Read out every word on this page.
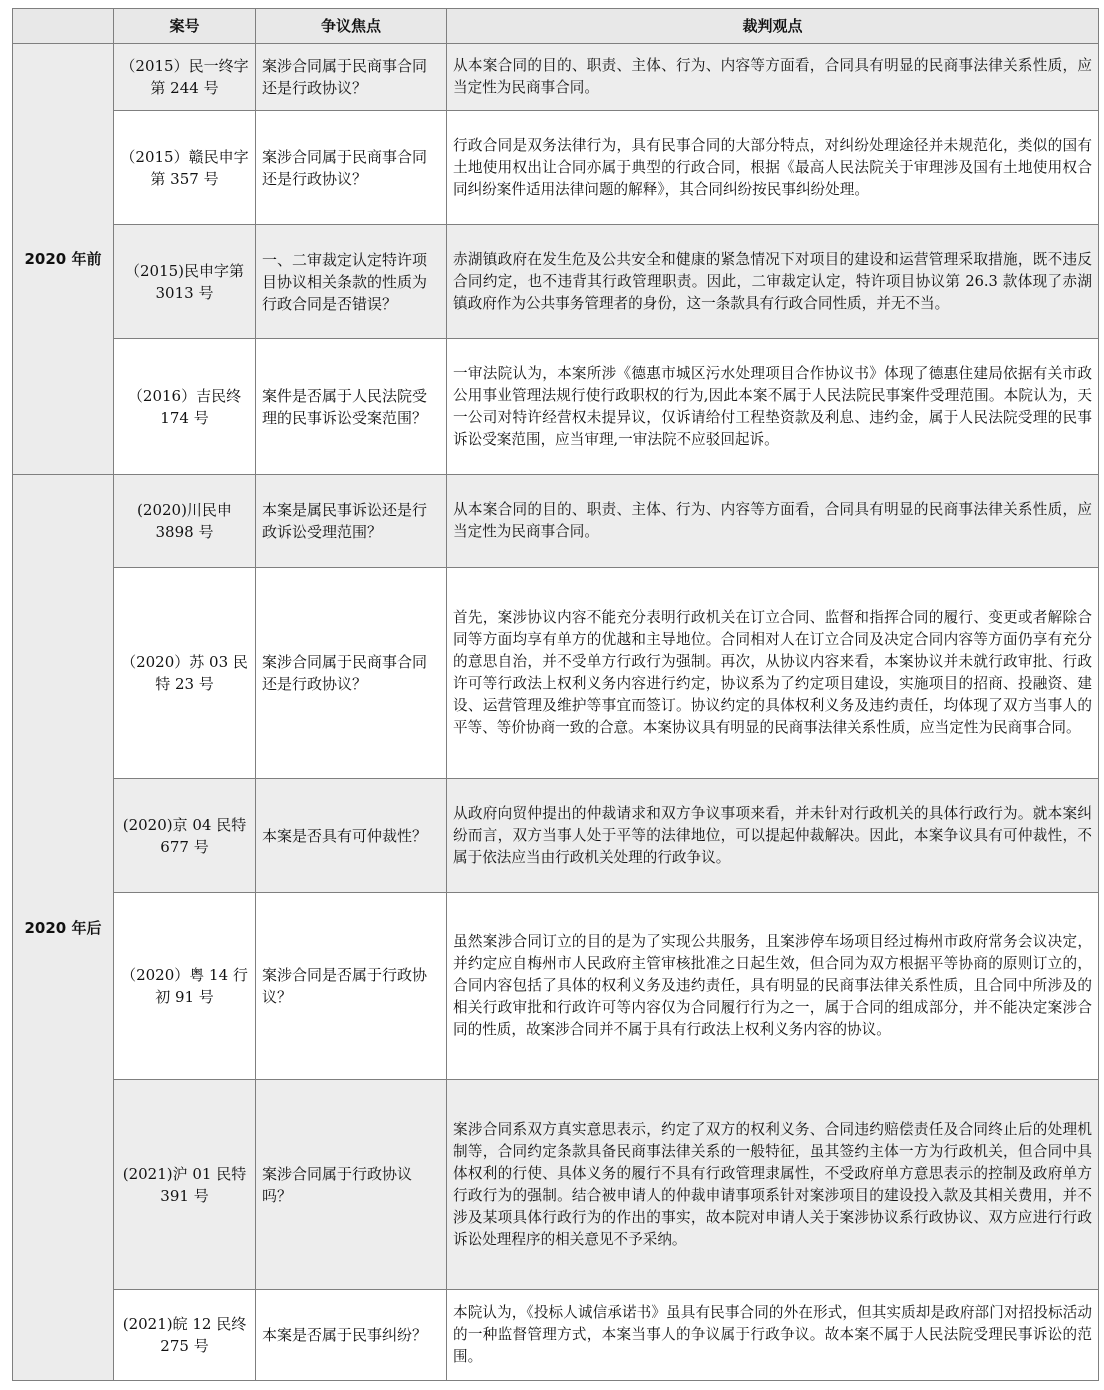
	案号	争议焦点	裁判观点
2020 年前	（2015）民一终字第 244 号	案涉合同属于民商事合同还是行政协议？	从本案合同的目的、职责、主体、行为、内容等方面看，合同具有明显的民商事法律关系性质，应当定性为民商事合同。
	（2015）赣民申字第 357 号	案涉合同属于民商事合同还是行政协议？	行政合同是双务法律行为，具有民事合同的大部分特点，对纠纷处理途径并未规范化，类似的国有土地使用权出让合同亦属于典型的行政合同，根据《最高人民法院关于审理涉及国有土地使用权合同纠纷案件适用法律问题的解释》，其合同纠纷按民事纠纷处理。
	（2015)民申字第 3013 号	一、二审裁定认定特许项目协议相关条款的性质为行政合同是否错误？	赤湖镇政府在发生危及公共安全和健康的紧急情况下对项目的建设和运营管理采取措施，既不违反合同约定，也不违背其行政管理职责。因此，二审裁定认定，特许项目协议第 26.3 款体现了赤湖镇政府作为公共事务管理者的身份，这一条款具有行政合同性质，并无不当。
	（2016）吉民终 174 号	案件是否属于人民法院受理的民事诉讼受案范围？	一审法院认为，本案所涉《德惠市城区污水处理项目合作协议书》体现了德惠住建局依据有关市政公用事业管理法规行使行政职权的行为,因此本案不属于人民法院民事案件受理范围。本院认为，天一公司对特许经营权未提异议，仅诉请给付工程垫资款及利息、违约金，属于人民法院受理的民事诉讼受案范围，应当审理,一审法院不应驳回起诉。
2020 年后	(2020)川民申 3898 号	本案是属民事诉讼还是行政诉讼受理范围？	从本案合同的目的、职责、主体、行为、内容等方面看，合同具有明显的民商事法律关系性质，应当定性为民商事合同。
	（2020）苏 03 民特 23 号	案涉合同属于民商事合同还是行政协议？	首先，案涉协议内容不能充分表明行政机关在订立合同、监督和指挥合同的履行、变更或者解除合同等方面均享有单方的优越和主导地位。合同相对人在订立合同及决定合同内容等方面仍享有充分的意思自治，并不受单方行政行为强制。再次，从协议内容来看，本案协议并未就行政审批、行政许可等行政法上权利义务内容进行约定，协议系为了约定项目建设，实施项目的招商、投融资、建设、运营管理及维护等事宜而签订。协议约定的具体权利义务及违约责任，均体现了双方当事人的平等、等价协商一致的合意。本案协议具有明显的民商事法律关系性质，应当定性为民商事合同。
	(2020)京 04 民特 677 号	本案是否具有可仲裁性？	从政府向贸仲提出的仲裁请求和双方争议事项来看，并未针对行政机关的具体行政行为。就本案纠纷而言，双方当事人处于平等的法律地位，可以提起仲裁解决。因此，本案争议具有可仲裁性，不属于依法应当由行政机关处理的行政争议。
	（2020）粤 14 行初 91 号	案涉合同是否属于行政协议？	虽然案涉合同订立的目的是为了实现公共服务，且案涉停车场项目经过梅州市政府常务会议决定，并约定应自梅州市人民政府主管审核批准之日起生效，但合同为双方根据平等协商的原则订立的，合同内容包括了具体的权利义务及违约责任，具有明显的民商事法律关系性质，且合同中所涉及的相关行政审批和行政许可等内容仅为合同履行行为之一，属于合同的组成部分，并不能决定案涉合同的性质，故案涉合同并不属于具有行政法上权利义务内容的协议。
	(2021)沪 01 民特 391 号	案涉合同属于行政协议吗？	案涉合同系双方真实意思表示，约定了双方的权利义务、合同违约赔偿责任及合同终止后的处理机制等，合同约定条款具备民商事法律关系的一般特征，虽其签约主体一方为行政机关，但合同中具体权利的行使、具体义务的履行不具有行政管理隶属性，不受政府单方意思表示的控制及政府单方行政行为的强制。结合被申请人的仲裁申请事项系针对案涉项目的建设投入款及其相关费用，并不涉及某项具体行政行为的作出的事实，故本院对申请人关于案涉协议系行政协议、双方应进行行政诉讼处理程序的相关意见不予采纳。
	(2021)皖 12 民终 275 号	本案是否属于民事纠纷？	本院认为，《投标人诚信承诺书》虽具有民事合同的外在形式，但其实质却是政府部门对招投标活动的一种监督管理方式，本案当事人的争议属于行政争议。故本案不属于人民法院受理民事诉讼的范围。
